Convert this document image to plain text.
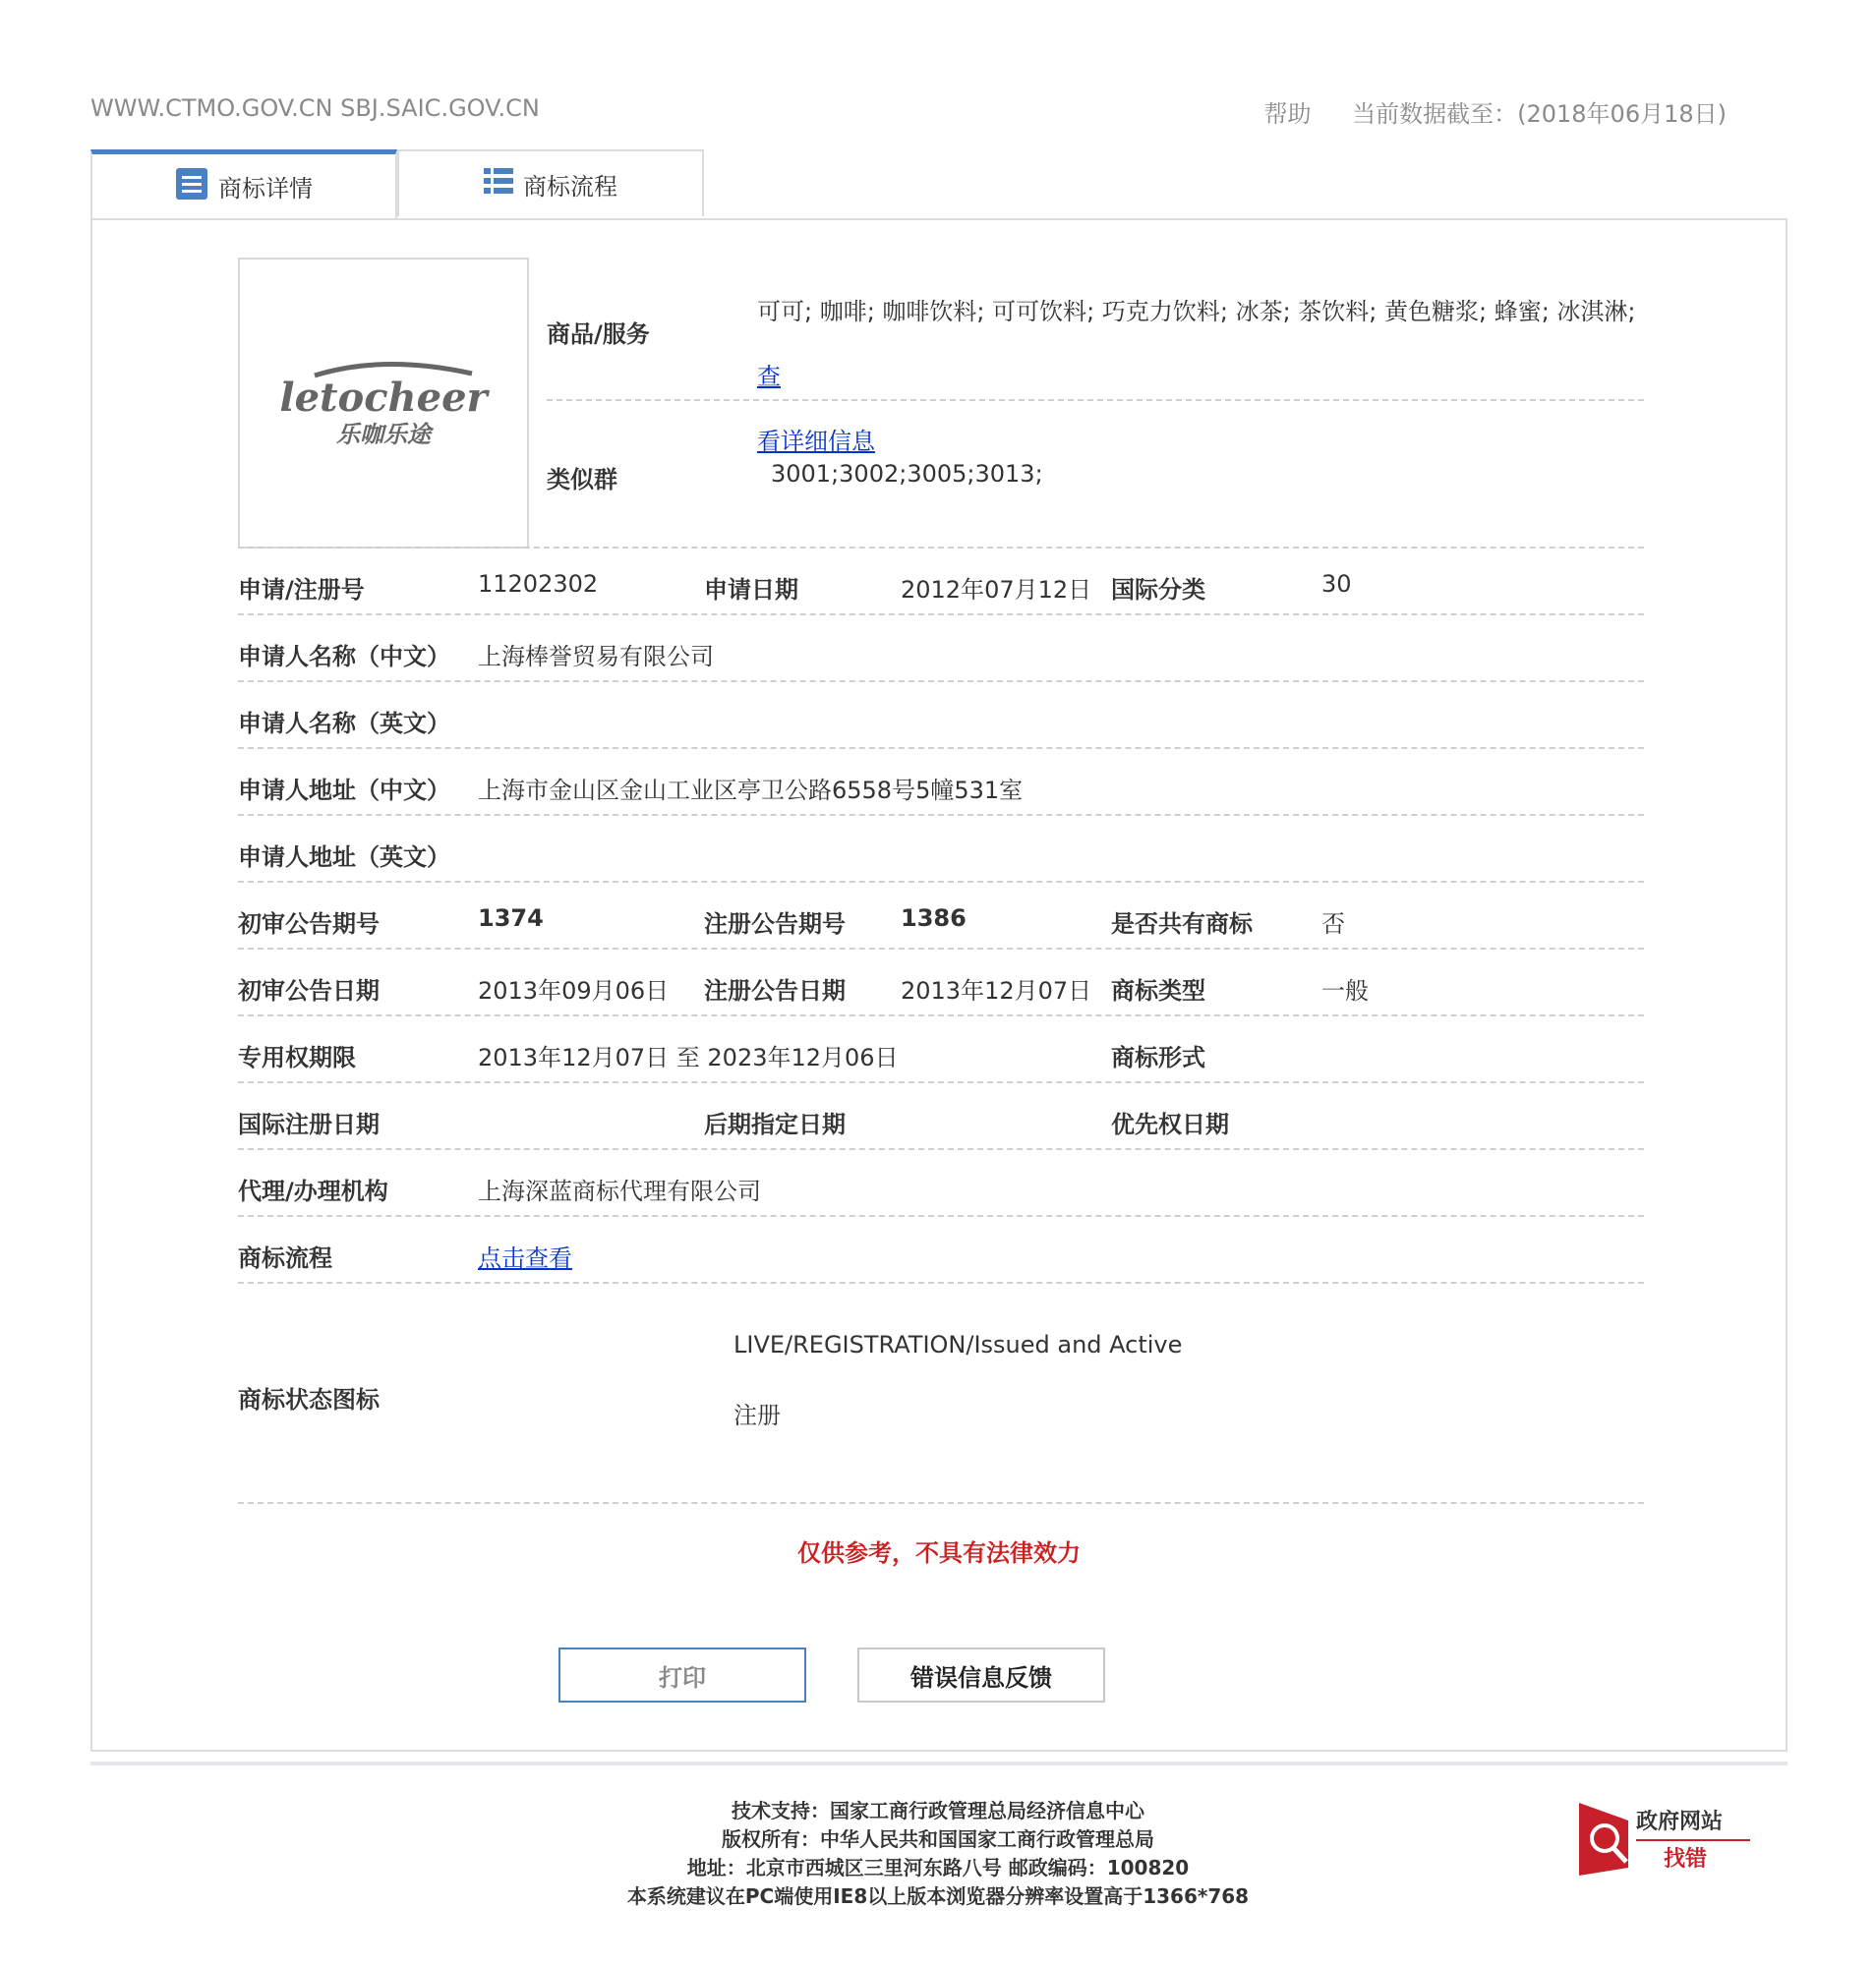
WWW.CTMO.GOV.CN SBJ.SAIC.GOV.CN	帮助 当前数据截至：(2018年06月18日)
商标详情	商标流程
letocheer
乐咖乐途
商品/服务
可可; 咖啡; 咖啡饮料; 可可饮料; 巧克力饮料; 冰茶; 茶饮料; 黄色糖浆; 蜂蜜; 冰淇淋; 查
看详细信息
类似群	3001;3002;3005;3013;
申请/注册号	11202302	申请日期	2012年07月12日 国际分类	30
申请人名称（中文） 上海棒誉贸易有限公司
申请人名称（英文）
申请人地址（中文） 上海市金山区金山工业区亭卫公路6558号5幢531室
申请人地址（英文）
初审公告期号	1374	注册公告期号 1386	是否共有商标	否
初审公告日期	2013年09月06日 注册公告日期 2013年12月07日 商标类型	一般
专用权期限	2013年12月07日 至 2023年12月06日	商标形式
国际注册日期	后期指定日期	优先权日期
代理/办理机构	上海深蓝商标代理有限公司
商标流程	点击查看
商标状态图标
LIVE/REGISTRATION/Issued and Active
注册
仅供参考，不具有法律效力
打印	错误信息反馈
技术支持：国家工商行政管理总局经济信息中心
版权所有：中华人民共和国国家工商行政管理总局
地址：北京市西城区三里河东路八号 邮政编码：100820
本系统建议在PC端使用IE8以上版本浏览器分辨率设置高于1366*768
政府网站
找错
